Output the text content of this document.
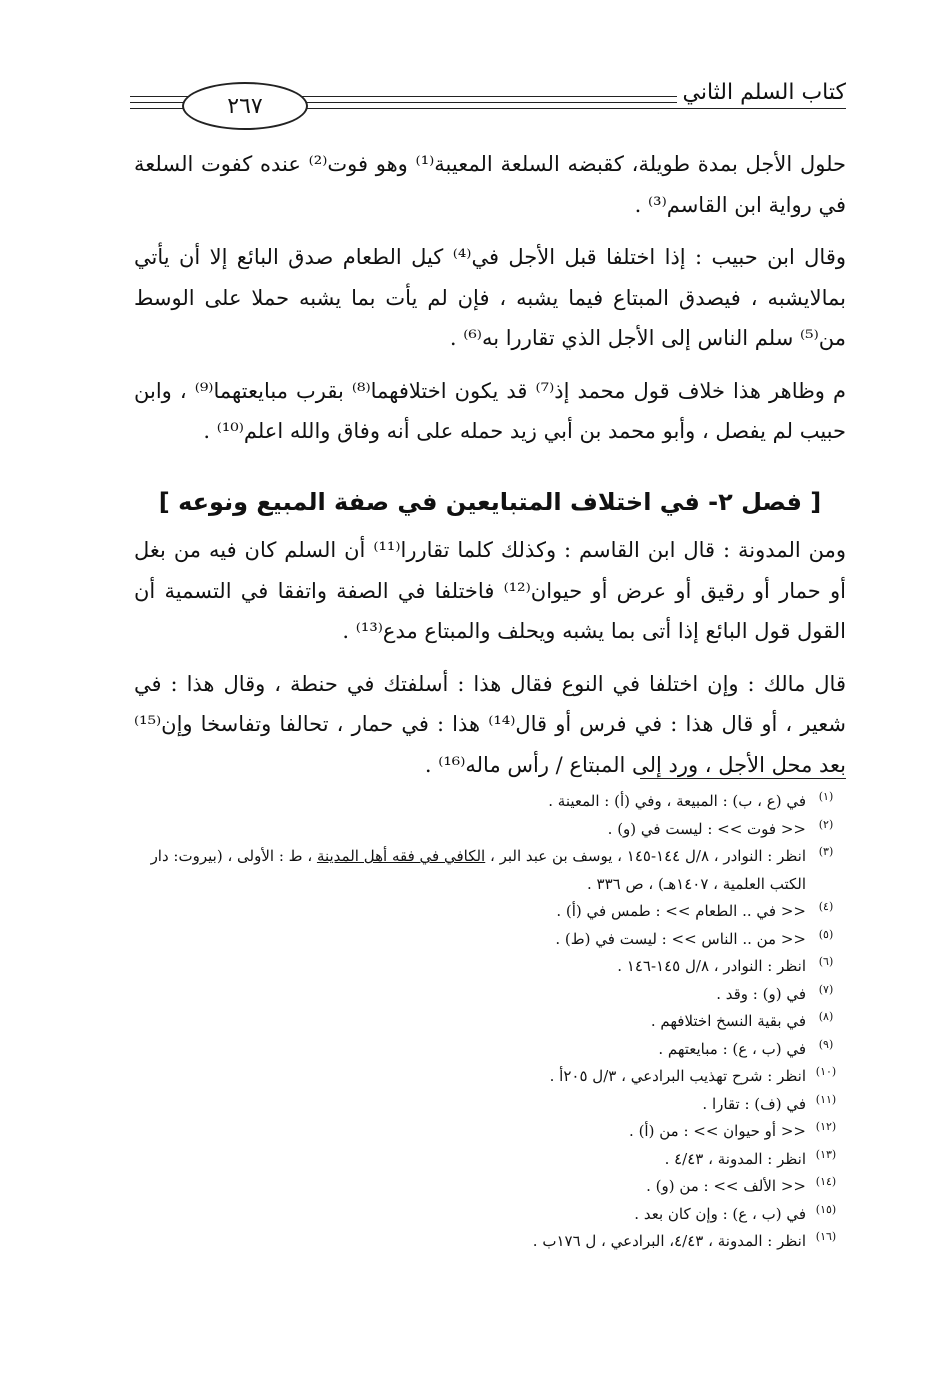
كتاب السلم الثاني
٢٦٧

حلول الأجل بمدة طويلة، كقبضه السلعة المعيبة⁽¹⁾ وهو فوت⁽²⁾ عنده كفوت السلعة في رواية ابن القاسم⁽³⁾ .

وقال ابن حبيب : إذا اختلفا قبل الأجل في⁽⁴⁾ كيل الطعام صدق البائع إلا أن يأتي بمالايشبه ، فيصدق المبتاع فيما يشبه ، فإن لم يأت بما يشبه حملا على الوسط من⁽⁵⁾ سلم الناس إلى الأجل الذي تقاررا به⁽⁶⁾ .

م وظاهر هذا خلاف قول محمد إذ⁽⁷⁾ قد يكون اختلافهما⁽⁸⁾ بقرب مبايعتهما⁽⁹⁾ ، وابن حبيب لم يفصل ، وأبو محمد بن أبي زيد حمله على أنه وفاق والله اعلم⁽¹⁰⁾ .

[ فصل ٢- في اختلاف المتبايعين في صفة المبيع ونوعه ]

ومن المدونة : قال ابن القاسم : وكذلك كلما تقاررا⁽¹¹⁾ أن السلم كان فيه من بغل أو حمار أو رقيق أو عرض أو حيوان⁽¹²⁾ فاختلفا في الصفة واتفقا في التسمية أن القول قول البائع إذا أتى بما يشبه ويحلف والمبتاع مدع⁽¹³⁾ .

قال مالك : وإن اختلفا في النوع فقال هذا : أسلفتك في حنطة ، وقال هذا : في شعير ، أو قال هذا : في فرس أو قال⁽¹⁴⁾ هذا : في حمار ، تحالفا وتفاسخا وإن⁽¹⁵⁾ بعد محل الأجل ، ورد إلى المبتاع / رأس ماله⁽¹⁶⁾ .

(١)
في (ع ، ب) : المبيعة ، وفي (أ) : المعينة .
(٢)
<< فوت >> : ليست في (و) .
(٣)
انظر : النوادر ، ٨/ل ١٤٤-١٤٥ ، يوسف بن عبد البر ، الكافي في فقه أهل المدينة ، ط : الأولى ، (بيروت: دار الكتب العلمية ، ١٤٠٧هـ) ، ص ٣٣٦ .
(٤)
<< في .. الطعام >> : طمس في (أ) .
(٥)
<< من .. الناس >> : ليست في (ط) .
(٦)
انظر : النوادر ، ٨/ل ١٤٥-١٤٦ .
(٧)
في (و) : وقد .
(٨)
في بقية النسخ اختلافهم .
(٩)
في (ب ، ع) : مبايعتهم .
(١٠)
انظر : شرح تهذيب البرادعي ، ٣/ل ٢٠٥أ .
(١١)
في (ف) : تقارا .
(١٢)
<< أو حيوان >> : من (أ) .
(١٣)
انظر : المدونة ، ٤/٤٣ .
(١٤)
<< الألف >> : من (و) .
(١٥)
في (ب ، ع) : وإن كان بعد .
(١٦)
انظر : المدونة ، ٤/٤٣، البرادعي ، ل ١٧٦ب .
